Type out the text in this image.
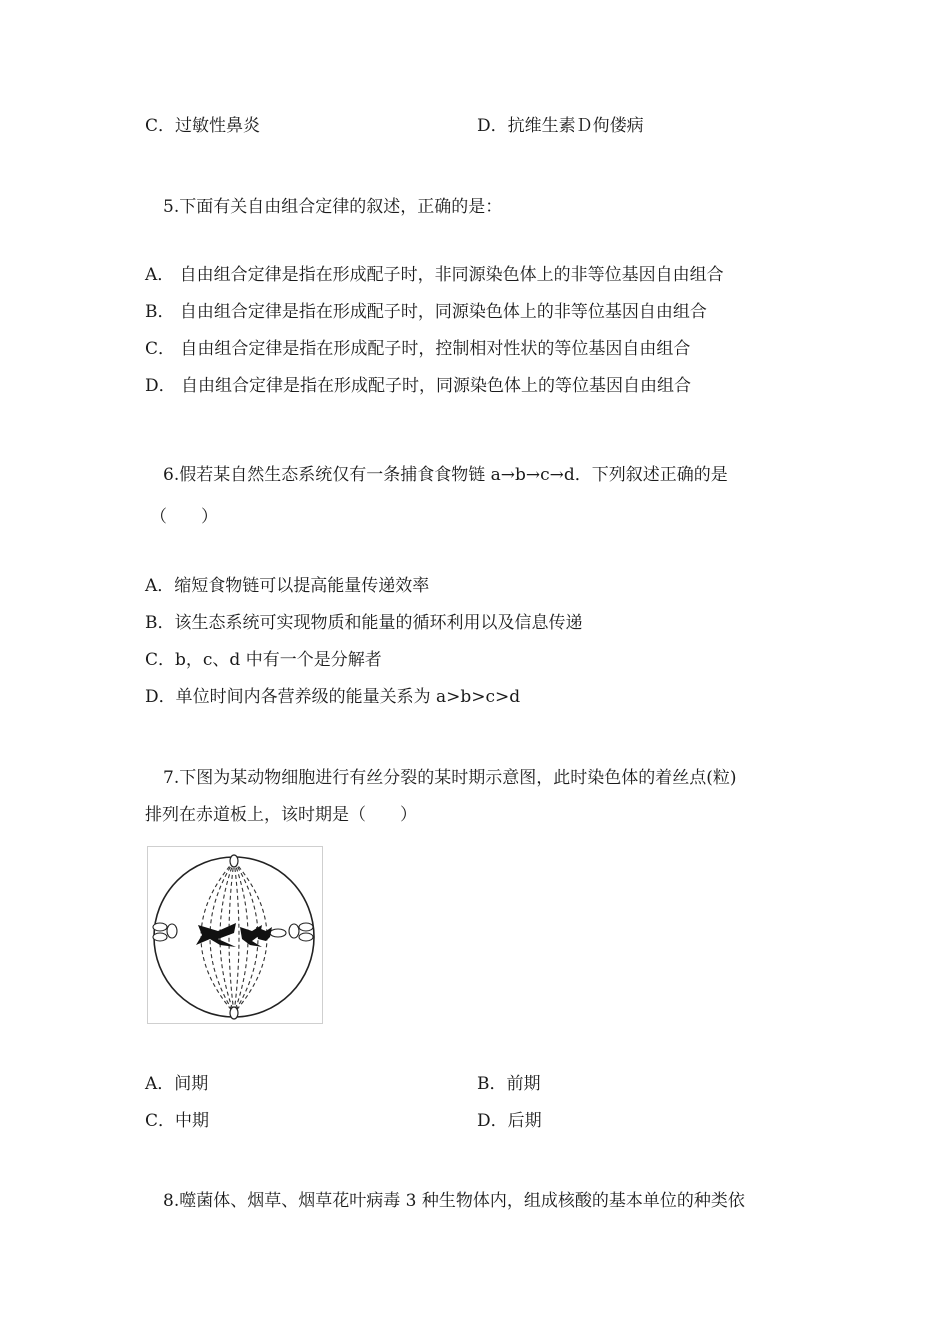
C．过敏性鼻炎	D．抗维生素Ｄ佝偻病
5.下面有关自由组合定律的叙述，正确的是：
A． 自由组合定律是指在形成配子时，非同源染色体上的非等位基因自由组合
B． 自由组合定律是指在形成配子时，同源染色体上的非等位基因自由组合
C． 自由组合定律是指在形成配子时，控制相对性状的等位基因自由组合
D． 自由组合定律是指在形成配子时，同源染色体上的等位基因自由组合
6.假若某自然生态系统仅有一条捕食食物链 a→b→c→d．下列叙述正确的是
（　　）
A．缩短食物链可以提高能量传递效率
B．该生态系统可实现物质和能量的循环利用以及信息传递
C．b，c、d 中有一个是分解者
D．单位时间内各营养级的能量关系为 a>b>c>d
7.下图为某动物细胞进行有丝分裂的某时期示意图，此时染色体的着丝点(粒)
排列在赤道板上，该时期是（　　）
A．间期	B．前期
C．中期	D．后期
8.噬菌体、烟草、烟草花叶病毒 3 种生物体内，组成核酸的基本单位的种类依
